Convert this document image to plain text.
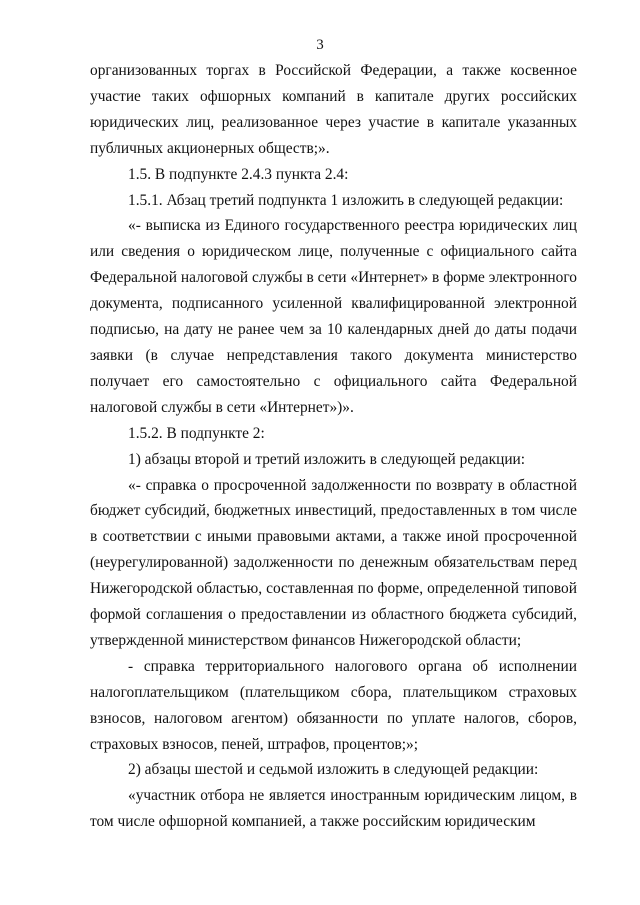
3

организованных торгах в Российской Федерации, а также косвенное участие таких офшорных компаний в капитале других российских юридических лиц, реализованное через участие в капитале указанных публичных акционерных обществ;».

1.5. В подпункте 2.4.3 пункта 2.4:

1.5.1. Абзац третий подпункта 1 изложить в следующей редакции:

«- выписка из Единого государственного реестра юридических лиц или сведения о юридическом лице, полученные с официального сайта Федеральной налоговой службы в сети «Интернет» в форме электронного документа, подписанного усиленной квалифицированной электронной подписью, на дату не ранее чем за 10 календарных дней до даты подачи заявки (в случае непредставления такого документа министерство получает его самостоятельно с официального сайта Федеральной налоговой службы в сети «Интернет»)».

1.5.2. В подпункте 2:

1) абзацы второй и третий изложить в следующей редакции:

«- справка о просроченной задолженности по возврату в областной бюджет субсидий, бюджетных инвестиций, предоставленных в том числе в соответствии с иными правовыми актами, а также иной просроченной (неурегулированной) задолженности по денежным обязательствам перед Нижегородской областью, составленная по форме, определенной типовой формой соглашения о предоставлении из областного бюджета субсидий, утвержденной министерством финансов Нижегородской области;

- справка территориального налогового органа об исполнении налогоплательщиком (плательщиком сбора, плательщиком страховых взносов, налоговом агентом) обязанности по уплате налогов, сборов, страховых взносов, пеней, штрафов, процентов;»;

2) абзацы шестой и седьмой изложить в следующей редакции:

«участник отбора не является иностранным юридическим лицом, в том числе офшорной компанией, а также российским юридическим
